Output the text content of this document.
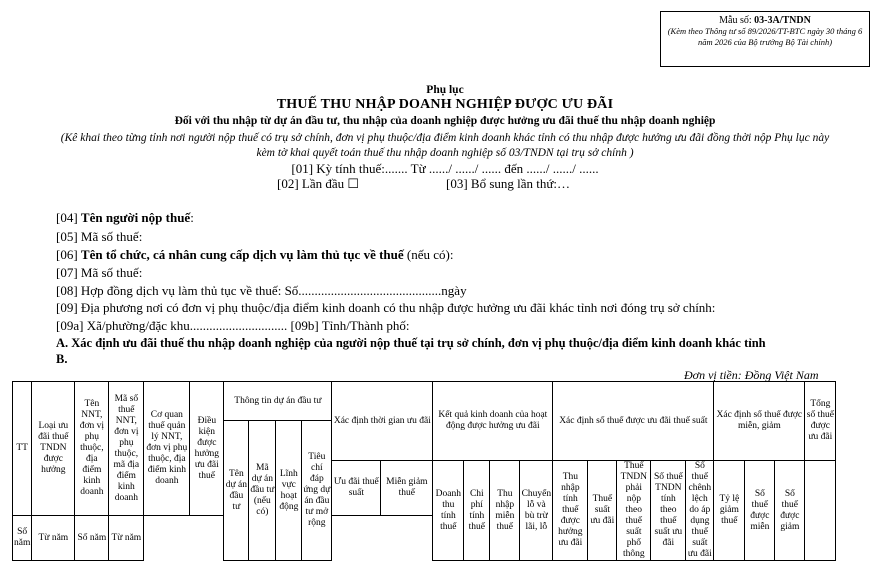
Mẫu số: 03-3A/TNDN
(Kèm theo Thông tư số 89/2026/TT-BTC ngày 30 tháng 6 năm 2026 của Bộ trưởng Bộ Tài chính)
Phụ lục
THUẾ THU NHẬP DOANH NGHIỆP ĐƯỢC ƯU ĐÃI
Đối với thu nhập từ dự án đầu tư, thu nhập của doanh nghiệp được hưởng ưu đãi thuế thu nhập doanh nghiệp
(Kê khai theo từng tỉnh nơi người nộp thuế có trụ sở chính, đơn vị phụ thuộc/địa điểm kinh doanh khác tỉnh có thu nhập được hưởng ưu đãi đồng thời nộp Phụ lục này kèm tờ khai quyết toán thuế thu nhập doanh nghiệp số 03/TNDN tại trụ sở chính )
[01] Kỳ tính thuế:....... Từ ....../ ....../ ...... đến ....../ ....../ ......
[02] Lần đầu ☐	[03] Bổ sung lần thứ:…
[04] Tên người nộp thuế:
[05] Mã số thuế:
[06] Tên tổ chức, cá nhân cung cấp dịch vụ làm thủ tục về thuế (nếu có):
[07] Mã số thuế:
[08] Hợp đồng dịch vụ làm thủ tục về thuế: Số............................................ngày
[09] Địa phương nơi có đơn vị phụ thuộc/địa điểm kinh doanh có thu nhập được hưởng ưu đãi khác tỉnh nơi đóng trụ sở chính:
[09a] Xã/phường/đặc khu.............................. [09b] Tỉnh/Thành phố:
A. Xác định ưu đãi thuế thu nhập doanh nghiệp của người nộp thuế tại trụ sở chính, đơn vị phụ thuộc/địa điểm kinh doanh khác tỉnh
B.
Đơn vị tiền: Đồng Việt Nam
TT	Loại ưu đãi thuế TNDN được hưởng	Tên NNT, đơn vị phụ thuộc, địa điểm kinh doanh	Mã số thuế NNT, đơn vị phụ thuộc, mã địa điểm kinh doanh	Cơ quan thuế quản lý NNT, đơn vị phụ thuộc, địa điểm kinh doanh	Điều kiện được hưởng ưu đãi thuế	Thông tin dự án đầu tư				Xác định thời gian ưu đãi		Kết quả kinh doanh của hoạt động được hưởng ưu đãi				Xác định số thuế được ưu đãi thuế suất					Xác định số thuế được miễn, giảm			Tổng số thuế được ưu đãi
						Tên dự án đầu tư	Mã dự án đầu tư (nếu có)	Lĩnh vực hoạt động	Tiêu chí đáp ứng dự án đầu tư mở rộng															
										Ưu đãi thuế suất	Miễn giảm thuế	Doanh thu tính thuế	Chi phí tính thuế	Thu nhập miễn thuế	Chuyển lỗ và bù trừ lãi, lỗ	Thu nhập tính thuế được hưởng ưu đãi	Thuế suất ưu đãi	Thuế TNDN phải nộp theo thuế suất phổ thông	Số thuế TNDN tính theo thuế suất ưu đãi	Số thuế chênh lệch do áp dụng thuế suất ưu đãi	Tỷ lệ giảm thuế	Số thuế được miễn	Số thuế được giảm	
Số năm	Từ năm	Số năm	Từ năm																					
